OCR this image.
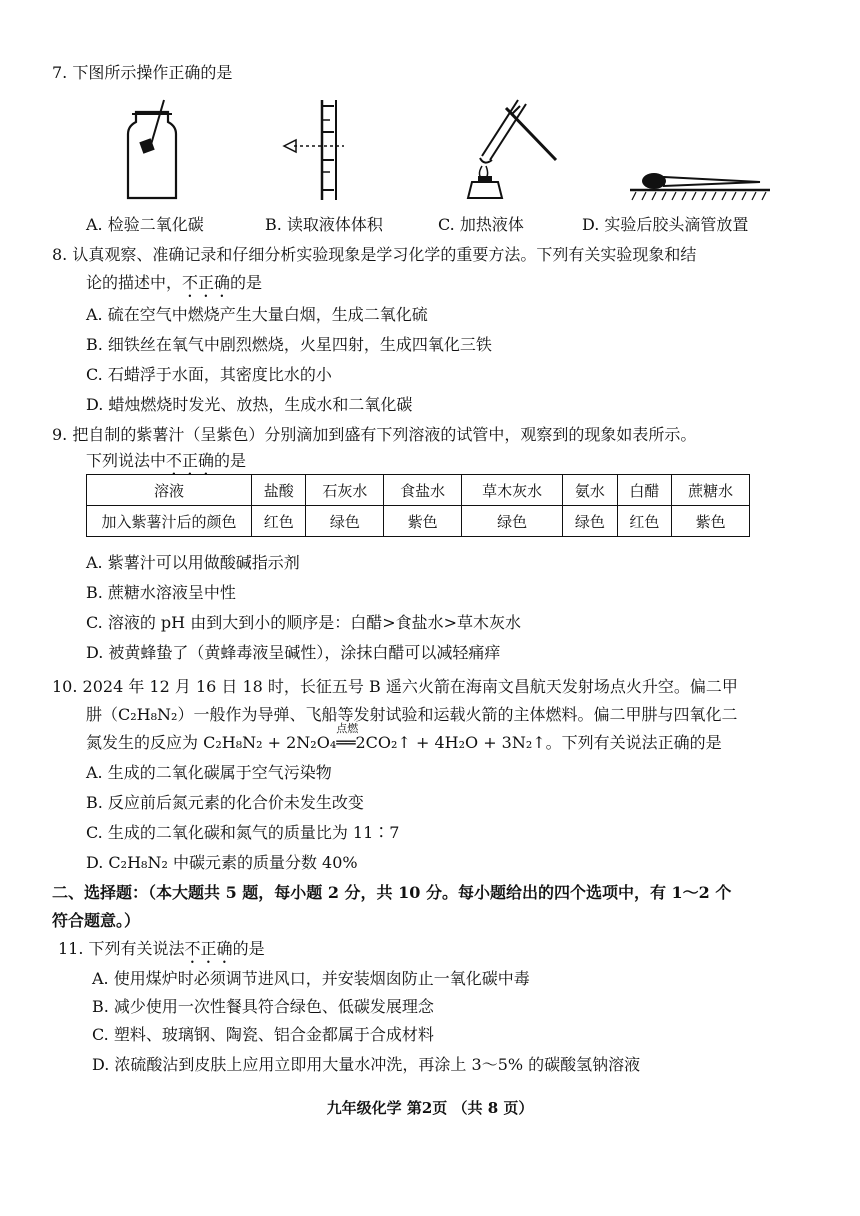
7. 下图所示操作正确的是
A. 检验二氧化碳	B. 读取液体体积	C. 加热液体	D. 实验后胶头滴管放置
8. 认真观察、准确记录和仔细分析实验现象是学习化学的重要方法。下列有关实验现象和结
论的描述中，不正确的是
A. 硫在空气中燃烧产生大量白烟，生成二氧化硫
B. 细铁丝在氧气中剧烈燃烧，火星四射，生成四氧化三铁
C. 石蜡浮于水面，其密度比水的小
D. 蜡烛燃烧时发光、放热，生成水和二氧化碳
9. 把自制的紫薯汁（呈紫色）分别滴加到盛有下列溶液的试管中，观察到的现象如表所示。
下列说法中不正确的是
溶液	盐酸	石灰水	食盐水	草木灰水	氨水	白醋	蔗糖水
加入紫薯汁后的颜色	红色	绿色	紫色	绿色	绿色	红色	紫色
A. 紫薯汁可以用做酸碱指示剂
B. 蔗糖水溶液呈中性
C. 溶液的 pH 由到大到小的顺序是：白醋>食盐水>草木灰水
D. 被黄蜂蛰了（黄蜂毒液呈碱性），涂抹白醋可以减轻痛痒
10. 2024 年 12 月 16 日 18 时，长征五号 B 遥六火箭在海南文昌航天发射场点火升空。偏二甲
肼（C₂H₈N₂）一般作为导弹、飞船等发射试验和运载火箭的主体燃料。偏二甲肼与四氧化二
氮发生的反应为 C₂H₈N₂ + 2N₂O₄
点燃
══2CO₂↑ + 4H₂O + 3N₂↑。下列有关说法正确的是
A. 生成的二氧化碳属于空气污染物
B. 反应前后氮元素的化合价未发生改变
C. 生成的二氧化碳和氮气的质量比为 11∶7
D. C₂H₈N₂ 中碳元素的质量分数 40%
二、选择题：（本大题共 5 题，每小题 2 分，共 10 分。每小题给出的四个选项中，有 1～2 个
符合题意。）
11. 下列有关说法不正确的是
A. 使用煤炉时必须调节进风口，并安装烟囱防止一氧化碳中毒
B. 减少使用一次性餐具符合绿色、低碳发展理念
C. 塑料、玻璃钢、陶瓷、铝合金都属于合成材料
D. 浓硫酸沾到皮肤上应用立即用大量水冲洗，再涂上 3～5% 的碳酸氢钠溶液
九年级化学 第2页 （共 8 页）
